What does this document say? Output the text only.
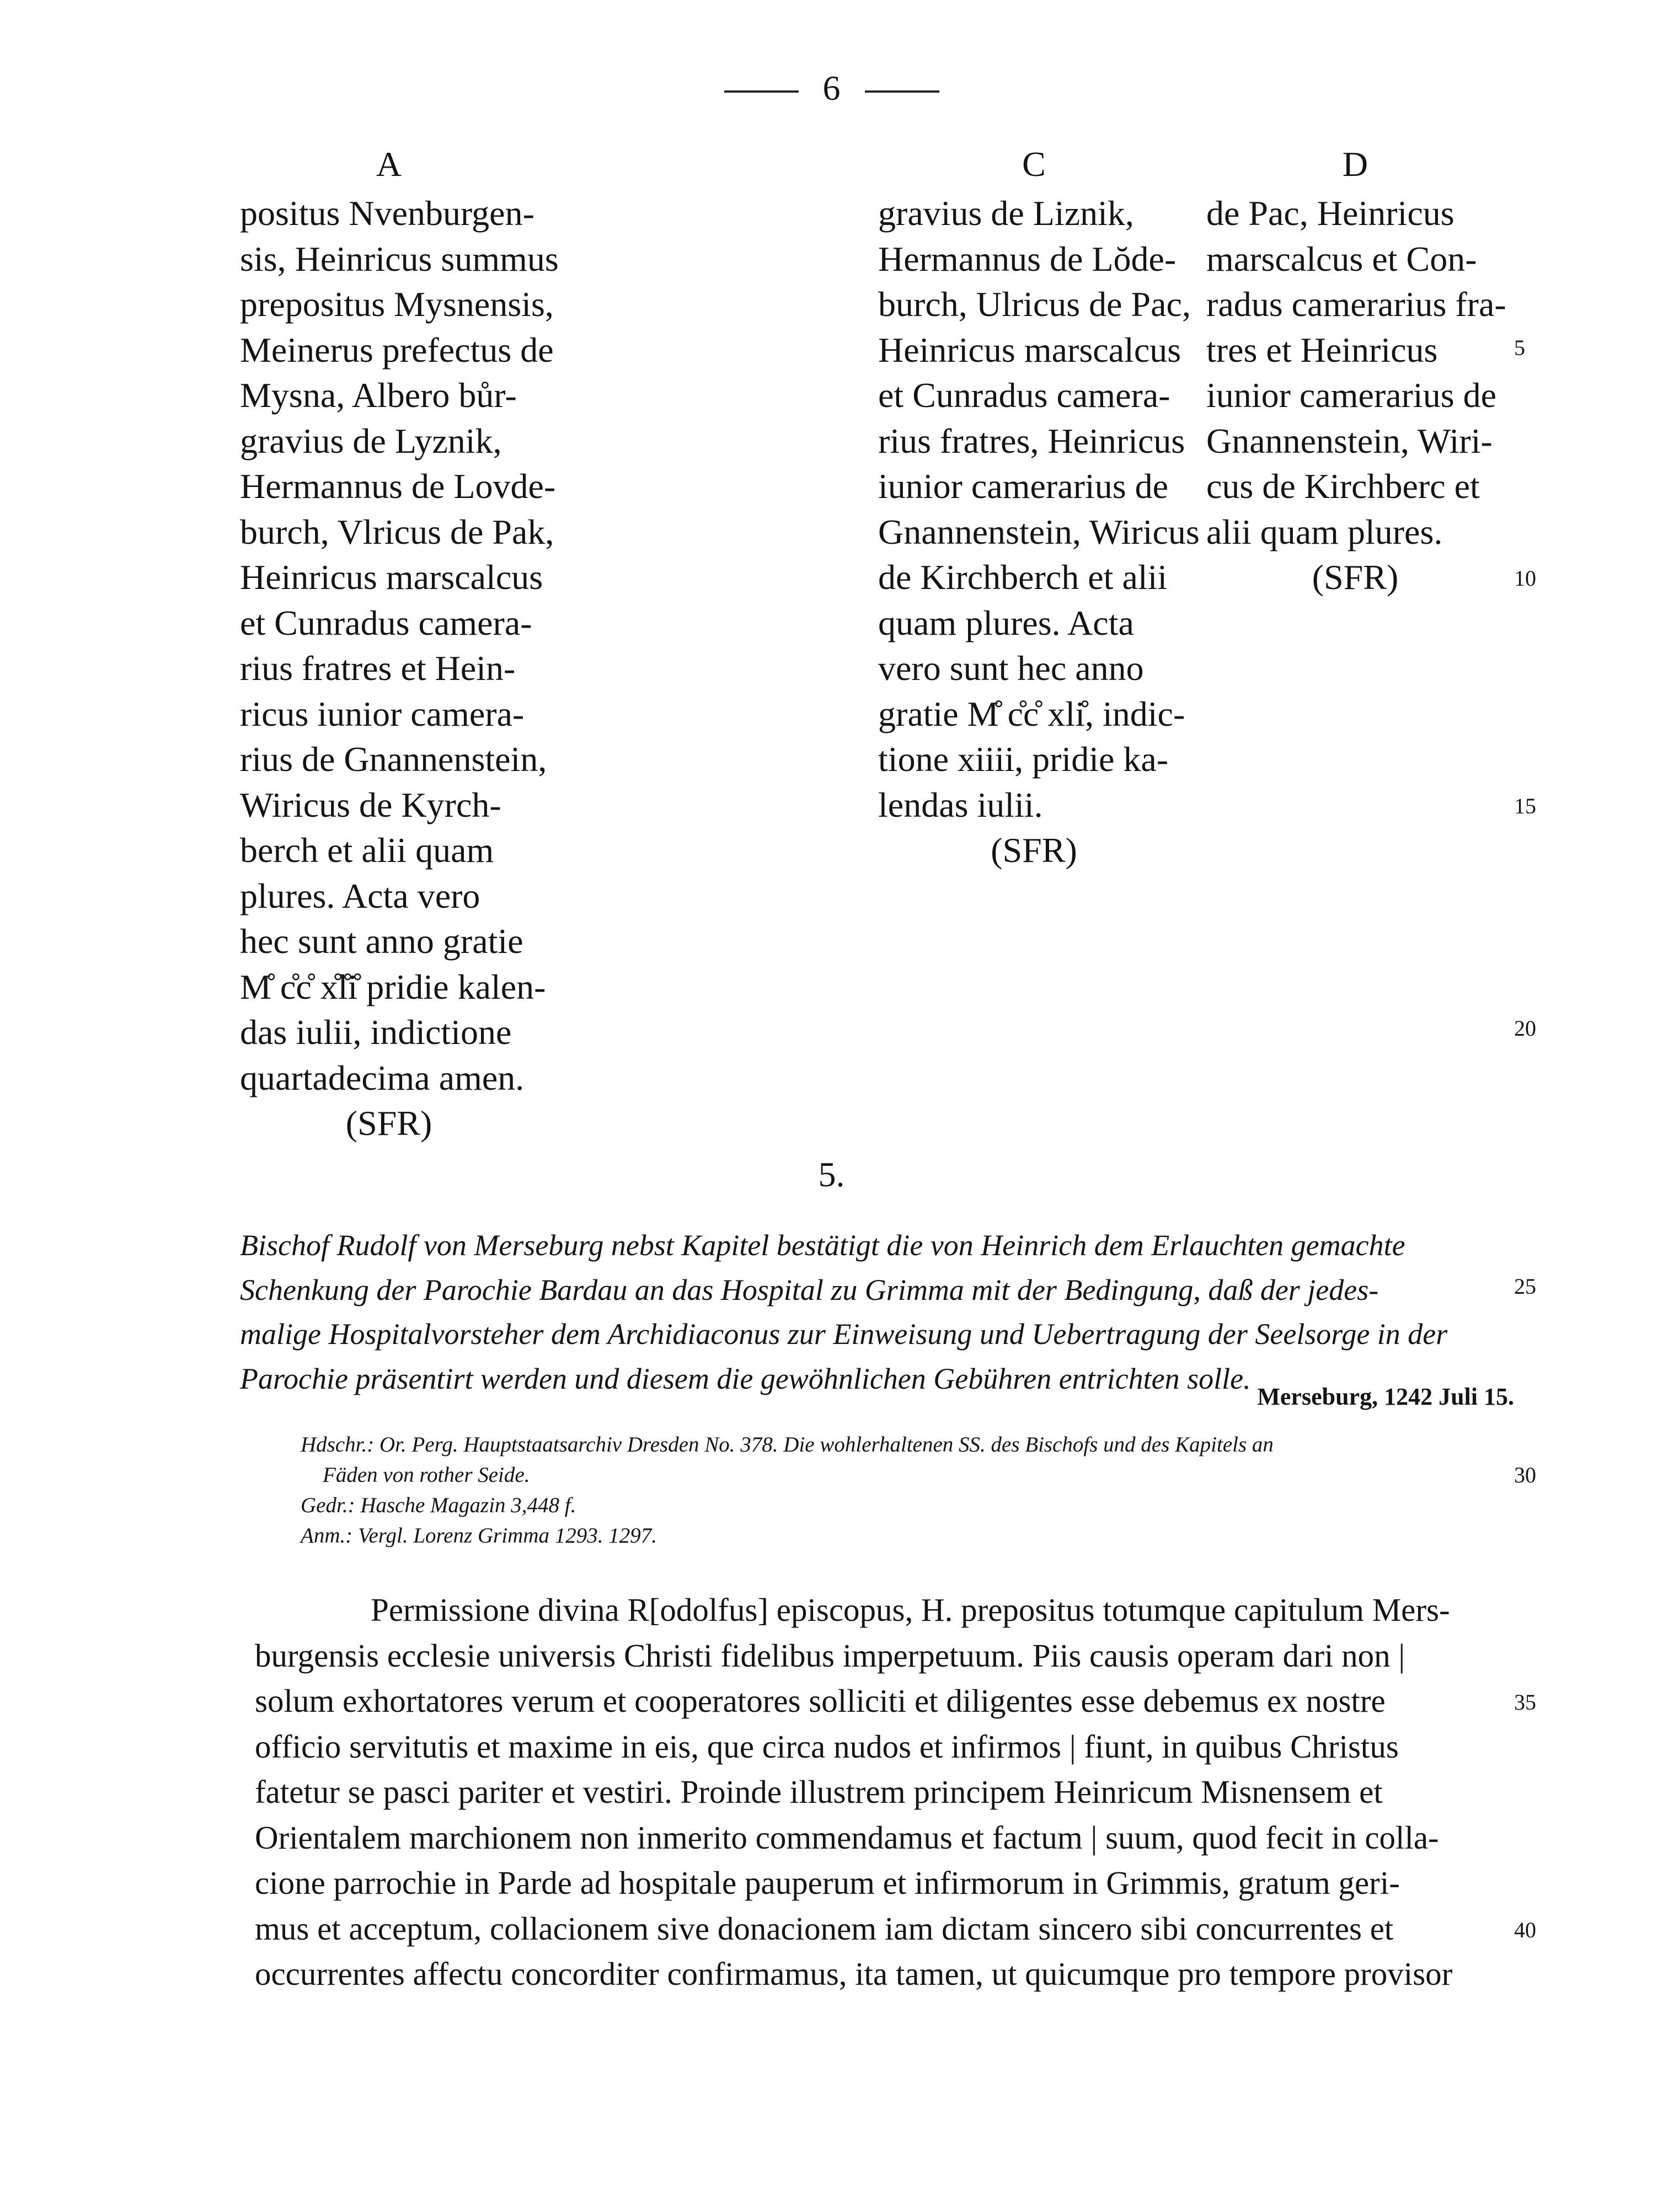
6
A	C	D
positus Nvenburgen-
sis, Heinricus summus
prepositus Mysnensis,
Meinerus prefectus de
Mysna, Albero bůr-
gravius de Lyznik,
Hermannus de Lovde-
burch, Vlricus de Pak,
Heinricus marscalcus
et Cunradus camera-
rius fratres et Hein-
ricus iunior camera-
rius de Gnannenstein,
Wiricus de Kyrch-
berch et alii quam
plures. Acta vero
hec sunt anno gratie
M̊ c̊c̊ x̊l̊i̊ pridie kalen-
das iulii, indictione
quartadecima amen.
(SFR)
gravius de Liznik,
Hermannus de Lŏde-
burch, Ulricus de Pac,
Heinricus marscalcus
et Cunradus camera-
rius fratres, Heinricus
iunior camerarius de
Gnannenstein, Wiricus
de Kirchberch et alii
quam plures. Acta
vero sunt hec anno
gratie M̊ c̊c̊ xli̊, indic-
tione xiiii, pridie ka-
lendas iulii.
(SFR)
de Pac, Heinricus
marscalcus et Con-
radus camerarius fra-
tres et Heinricus
iunior camerarius de
Gnannenstein, Wiri-
cus de Kirchberc et
alii quam plures.
(SFR)
5
10
15
20
25
30
35
40
5.
Bischof Rudolf von Merseburg nebst Kapitel bestätigt die von Heinrich dem Erlauchten gemachte
Schenkung der Parochie Bardau an das Hospital zu Grimma mit der Bedingung, daß der jedes-
malige Hospitalvorsteher dem Archidiaconus zur Einweisung und Uebertragung der Seelsorge in der
Parochie präsentirt werden und diesem die gewöhnlichen Gebühren entrichten solle.
Merseburg, 1242 Juli 15.
Hdschr.: Or. Perg. Hauptstaatsarchiv Dresden No. 378. Die wohlerhaltenen SS. des Bischofs und des Kapitels an
Fäden von rother Seide.
Gedr.: Hasche Magazin 3,448 f.
Anm.: Vergl. Lorenz Grimma 1293. 1297.
Permissione divina R[odolfus] episcopus, H. prepositus totumque capitulum Mers-
burgensis ecclesie universis Christi fidelibus imperpetuum. Piis causis operam dari non |
solum exhortatores verum et cooperatores solliciti et diligentes esse debemus ex nostre
officio servitutis et maxime in eis, que circa nudos et infirmos | fiunt, in quibus Christus
fatetur se pasci pariter et vestiri. Proinde illustrem principem Heinricum Misnensem et
Orientalem marchionem non inmerito commendamus et factum | suum, quod fecit in colla-
cione parrochie in Parde ad hospitale pauperum et infirmorum in Grimmis, gratum geri-
mus et acceptum, collacionem sive donacionem iam dictam sincero sibi concurrentes et
occurrentes affectu concorditer confirmamus, ita tamen, ut quicumque pro tempore provisor
